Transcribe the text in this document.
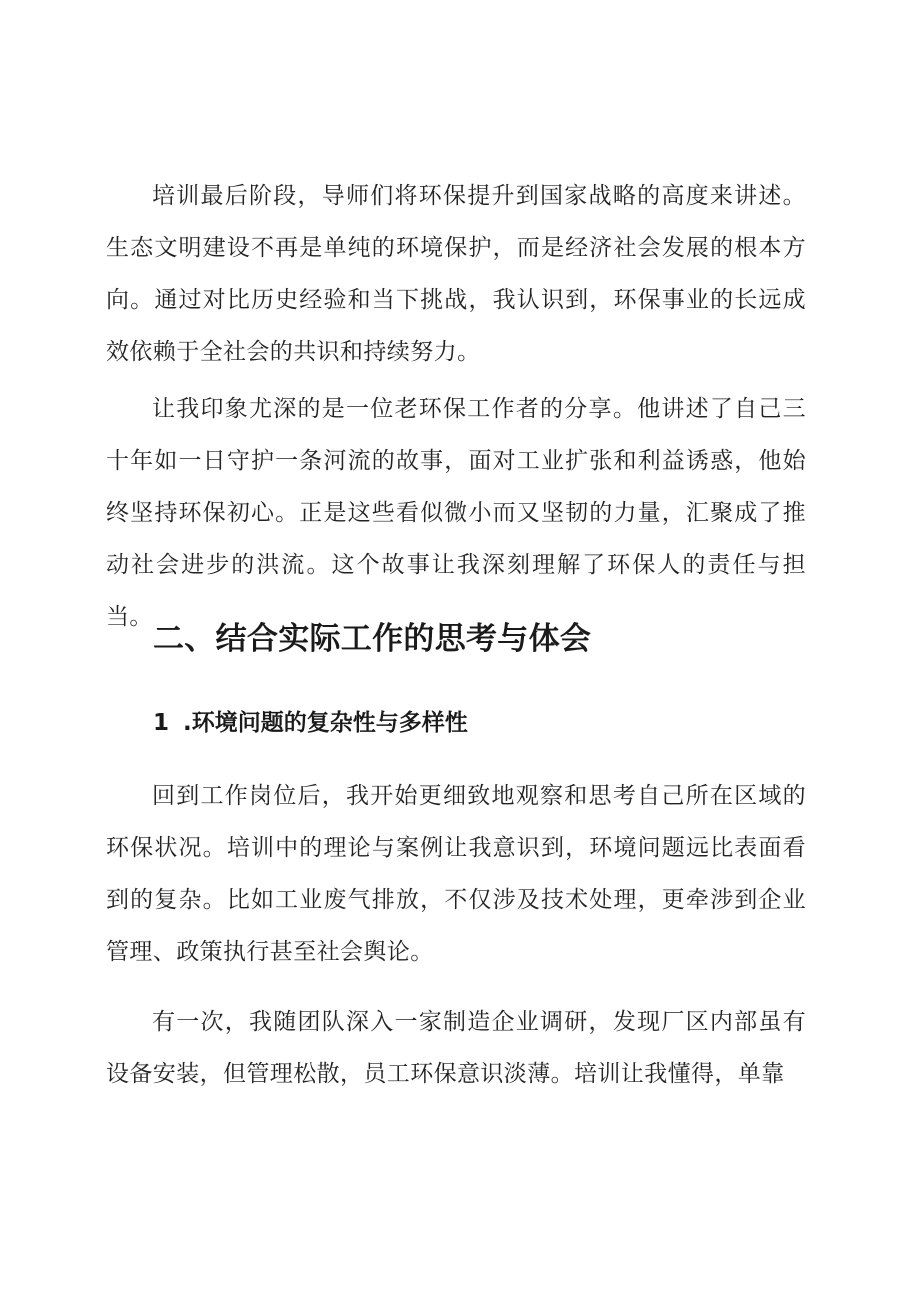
培训最后阶段，导师们将环保提升到国家战略的高度来讲述。生态文明建设不再是单纯的环境保护，而是经济社会发展的根本方向。通过对比历史经验和当下挑战，我认识到，环保事业的长远成效依赖于全社会的共识和持续努力。

让我印象尤深的是一位老环保工作者的分享。他讲述了自己三十年如一日守护一条河流的故事，面对工业扩张和利益诱惑，他始终坚持环保初心。正是这些看似微小而又坚韧的力量，汇聚成了推动社会进步的洪流。这个故事让我深刻理解了环保人的责任与担当。

二、结合实际工作的思考与体会
1 .环境问题的复杂性与多样性

回到工作岗位后，我开始更细致地观察和思考自己所在区域的环保状况。培训中的理论与案例让我意识到，环境问题远比表面看到的复杂。比如工业废气排放，不仅涉及技术处理，更牵涉到企业管理、政策执行甚至社会舆论。

有一次，我随团队深入一家制造企业调研，发现厂区内部虽有设备安装，但管理松散，员工环保意识淡薄。培训让我懂得，单靠
